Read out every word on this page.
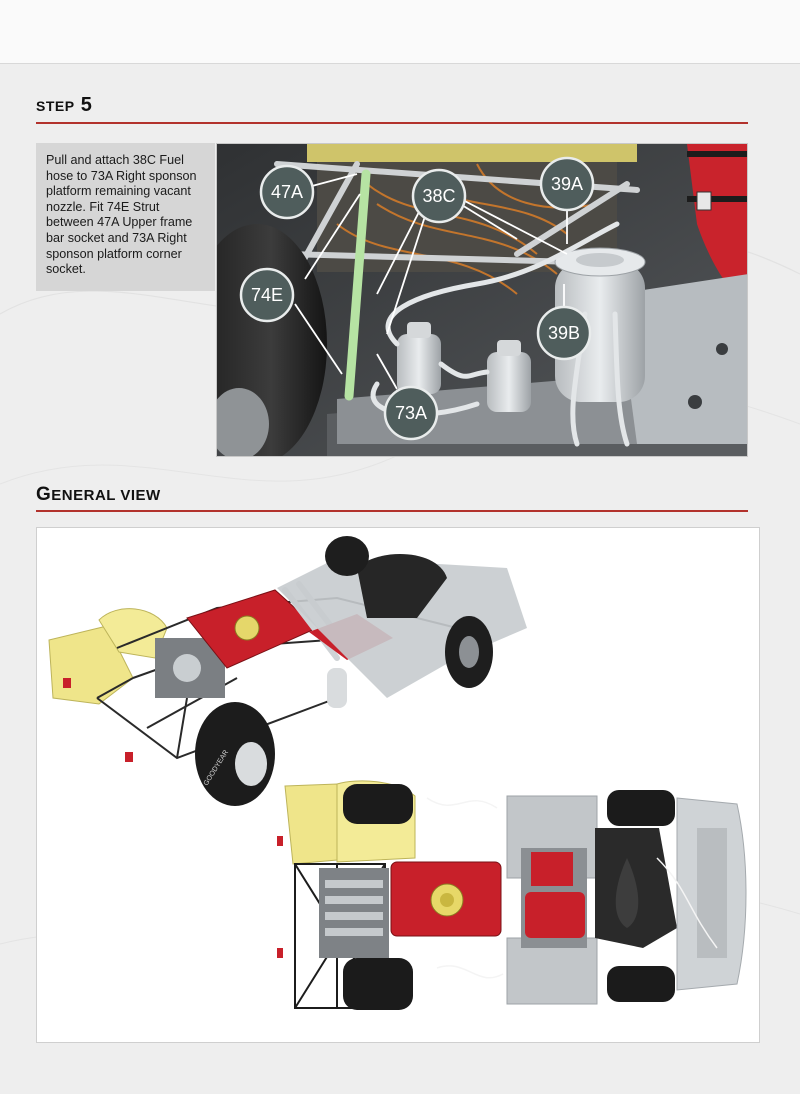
STEP 5

Pull and attach 38C Fuel hose to 73A Right sponson platform remaining vacant nozzle. Fit 74E Strut between 47A Upper frame bar socket and 73A Right sponson platform corner socket.

47A	38C
39A
74E
39B
73A
GENERAL VIEW
GOODYEAR
